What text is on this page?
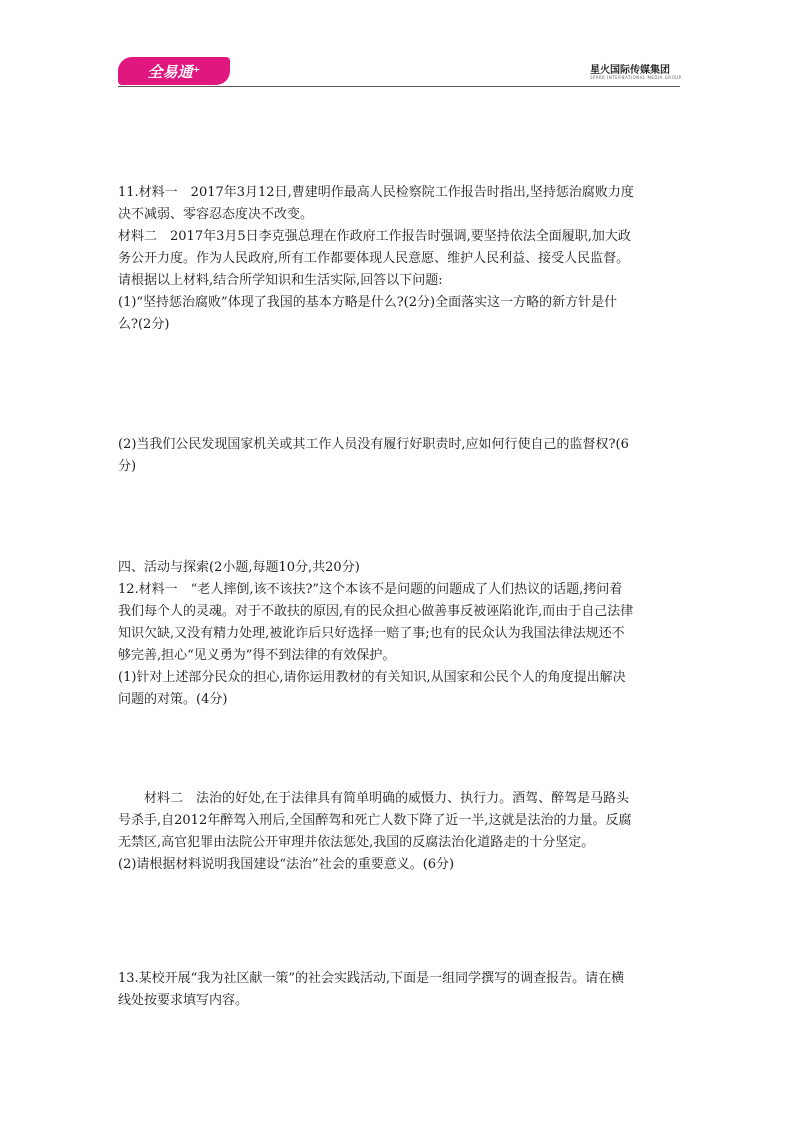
全易通⁺	星火国际传媒集团
SPARK INTERNATIONAL MEDIA GROUP
11.材料一　2017年3月12日,曹建明作最高人民检察院工作报告时指出,坚持惩治腐败力度
决不减弱、零容忍态度决不改变。
材料二　2017年3月5日李克强总理在作政府工作报告时强调,要坚持依法全面履职,加大政
务公开力度。作为人民政府,所有工作都要体现人民意愿、维护人民利益、接受人民监督。
请根据以上材料,结合所学知识和生活实际,回答以下问题:
(1)“坚持惩治腐败”体现了我国的基本方略是什么?(2分)全面落实这一方略的新方针是什
么?(2分)
(2)当我们公民发现国家机关或其工作人员没有履行好职责时,应如何行使自己的监督权?(6
分)
四、活动与探索(2小题,每题10分,共20分)
12.材料一　“老人摔倒,该不该扶?”这个本该不是问题的问题成了人们热议的话题,拷问着
我们每个人的灵魂。对于不敢扶的原因,有的民众担心做善事反被诬陷讹诈,而由于自己法律
知识欠缺,又没有精力处理,被讹诈后只好选择一赔了事;也有的民众认为我国法律法规还不
够完善,担心“见义勇为”得不到法律的有效保护。
(1)针对上述部分民众的担心,请你运用教材的有关知识,从国家和公民个人的角度提出解决
问题的对策。(4分)
材料二　法治的好处,在于法律具有简单明确的威慑力、执行力。酒驾、醉驾是马路头
号杀手,自2012年醉驾入刑后,全国醉驾和死亡人数下降了近一半,这就是法治的力量。反腐
无禁区,高官犯罪由法院公开审理并依法惩处,我国的反腐法治化道路走的十分坚定。
(2)请根据材料说明我国建设“法治”社会的重要意义。(6分)
13.某校开展“我为社区献一策”的社会实践活动,下面是一组同学撰写的调查报告。请在横
线处按要求填写内容。
